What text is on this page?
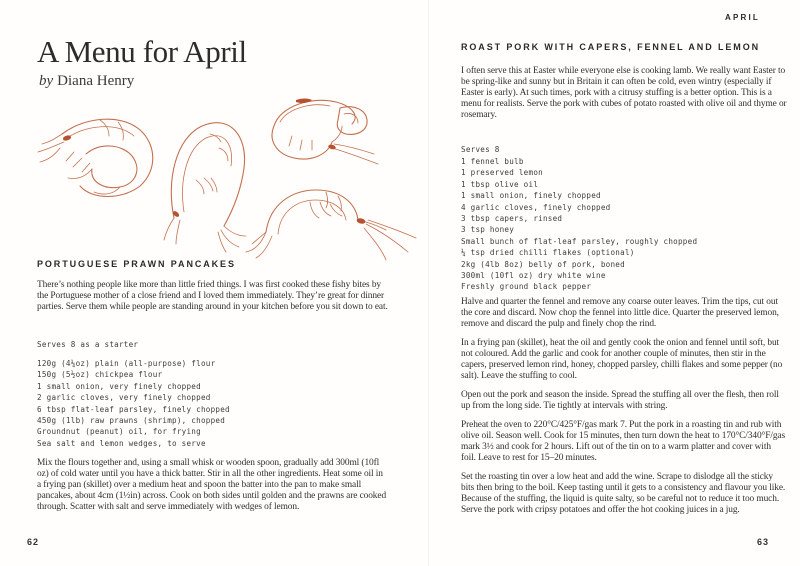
APRIL
A Menu for April
by Diana Henry
PORTUGUESE PRAWN PANCAKES

There’s nothing people like more than little fried things. I was first cooked these fishy bites by the Portuguese mother of a close friend and I loved them immediately. They’re great for dinner parties. Serve them while people are standing around in your kitchen before you sit down to eat.

Serves 8 as a starter
120g (4¼oz) plain (all-purpose) flour
150g (5½oz) chickpea flour
1 small onion, very finely chopped
2 garlic cloves, very finely chopped
6 tbsp flat-leaf parsley, finely chopped
450g (1lb) raw prawns (shrimp), chopped
Groundnut (peanut) oil, for frying
Sea salt and lemon wedges, to serve

Mix the flours together and, using a small whisk or wooden spoon, gradually add 300ml (10fl oz) of cold water until you have a thick batter. Stir in all the other ingredients. Heat some oil in a frying pan (skillet) over a medium heat and spoon the batter into the pan to make small pancakes, about 4cm (1½in) across. Cook on both sides until golden and the prawns are cooked through. Scatter with salt and serve immediately with wedges of lemon.

62
ROAST PORK WITH CAPERS, FENNEL AND LEMON

I often serve this at Easter while everyone else is cooking lamb. We really want Easter to be spring-like and sunny but in Britain it can often be cold, even wintry (especially if Easter is early). At such times, pork with a citrusy stuffing is a better option. This is a menu for realists. Serve the pork with cubes of potato roasted with olive oil and thyme or rosemary.

Serves 8
1 fennel bulb
1 preserved lemon
1 tbsp olive oil
1 small onion, finely chopped
4 garlic cloves, finely chopped
3 tbsp capers, rinsed
3 tsp honey
Small bunch of flat-leaf parsley, roughly chopped
¼ tsp dried chilli flakes (optional)
2kg (4lb 8oz) belly of pork, boned
300ml (10fl oz) dry white wine
Freshly ground black pepper

Halve and quarter the fennel and remove any coarse outer leaves. Trim the tips, cut out the core and discard. Now chop the fennel into little dice. Quarter the preserved lemon, remove and discard the pulp and finely chop the rind.

In a frying pan (skillet), heat the oil and gently cook the onion and fennel until soft, but not coloured. Add the garlic and cook for another couple of minutes, then stir in the capers, preserved lemon rind, honey, chopped parsley, chilli flakes and some pepper (no salt). Leave the stuffing to cool.

Open out the pork and season the inside. Spread the stuffing all over the flesh, then roll up from the long side. Tie tightly at intervals with string.

Preheat the oven to 220°C/425°F/gas mark 7. Put the pork in a roasting tin and rub with olive oil. Season well. Cook for 15 minutes, then turn down the heat to 170°C/340°F/gas mark 3½ and cook for 2 hours. Lift out of the tin on to a warm platter and cover with foil. Leave to rest for 15–20 minutes.

Set the roasting tin over a low heat and add the wine. Scrape to dislodge all the sticky bits then bring to the boil. Keep tasting until it gets to a consistency and flavour you like. Because of the stuffing, the liquid is quite salty, so be careful not to reduce it too much. Serve the pork with cripsy potatoes and offer the hot cooking juices in a jug.

63
